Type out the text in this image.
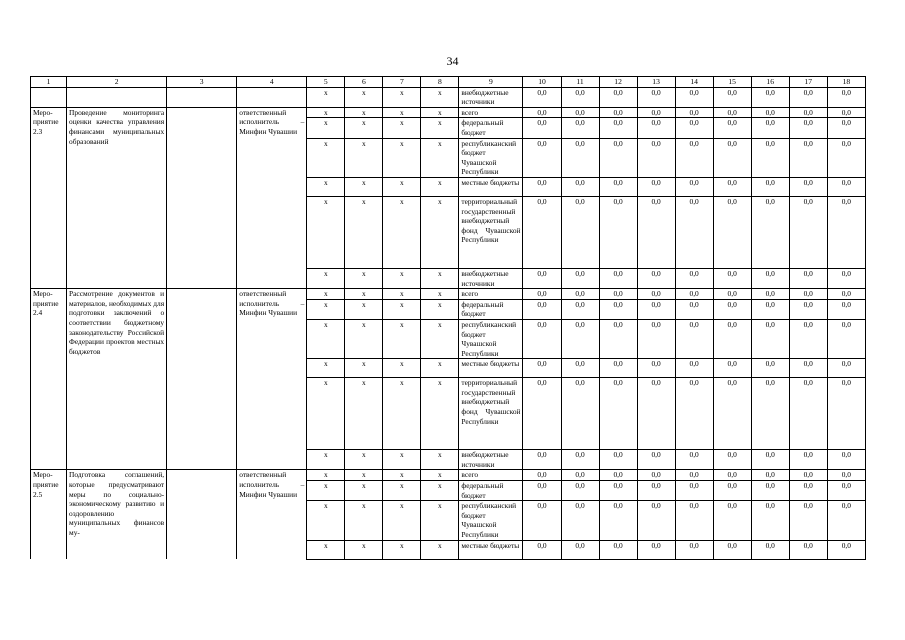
34
1	2	3	4	5	6	7	8	9	10	11	12	13	14	15	16	17	18
				х	х	х	х	внебюджетные источники	0,0	0,0	0,0	0,0	0,0	0,0	0,0	0,0	0,0
Меро-приятие 2.3	Проведение мониторинга оценки качества управления финансами муниципальных образований		ответственный исполнитель – Минфин Чувашии	х	х	х	х	всего	0,0	0,0	0,0	0,0	0,0	0,0	0,0	0,0	0,0
				х	х	х	х	федеральный бюджет	0,0	0,0	0,0	0,0	0,0	0,0	0,0	0,0	0,0
				х	х	х	х	республиканский бюджет Чувашской Республики	0,0	0,0	0,0	0,0	0,0	0,0	0,0	0,0	0,0
				х	х	х	х	местные бюджеты	0,0	0,0	0,0	0,0	0,0	0,0	0,0	0,0	0,0
				х	х	х	х	территориальный государственный внебюджетный фонд Чувашской Республики	0,0	0,0	0,0	0,0	0,0	0,0	0,0	0,0	0,0
				х	х	х	х	внебюджетные источники	0,0	0,0	0,0	0,0	0,0	0,0	0,0	0,0	0,0
Меро-приятие 2.4	Рассмотрение документов и материалов, необходимых для подготовки заключений о соответствии бюджетному законодательству Российской Федерации проектов местных бюджетов		ответственный исполнитель – Минфин Чувашии	х	х	х	х	всего	0,0	0,0	0,0	0,0	0,0	0,0	0,0	0,0	0,0
				х	х	х	х	федеральный бюджет	0,0	0,0	0,0	0,0	0,0	0,0	0,0	0,0	0,0
				х	х	х	х	республиканский бюджет Чувашской Республики	0,0	0,0	0,0	0,0	0,0	0,0	0,0	0,0	0,0
				х	х	х	х	местные бюджеты	0,0	0,0	0,0	0,0	0,0	0,0	0,0	0,0	0,0
				х	х	х	х	территориальный государственный внебюджетный фонд Чувашской Республики	0,0	0,0	0,0	0,0	0,0	0,0	0,0	0,0	0,0
				х	х	х	х	внебюджетные источники	0,0	0,0	0,0	0,0	0,0	0,0	0,0	0,0	0,0
Меро-приятие 2.5	Подготовка соглашений, которые предусматривают меры по социально-экономическому развитию и оздоровлению муниципальных финансов му-		ответственный исполнитель – Минфин Чувашии	х	х	х	х	всего	0,0	0,0	0,0	0,0	0,0	0,0	0,0	0,0	0,0
				х	х	х	х	федеральный бюджет	0,0	0,0	0,0	0,0	0,0	0,0	0,0	0,0	0,0
				х	х	х	х	республиканский бюджет Чувашской Республики	0,0	0,0	0,0	0,0	0,0	0,0	0,0	0,0	0,0
				х	х	х	х	местные бюджеты	0,0	0,0	0,0	0,0	0,0	0,0	0,0	0,0	0,0
